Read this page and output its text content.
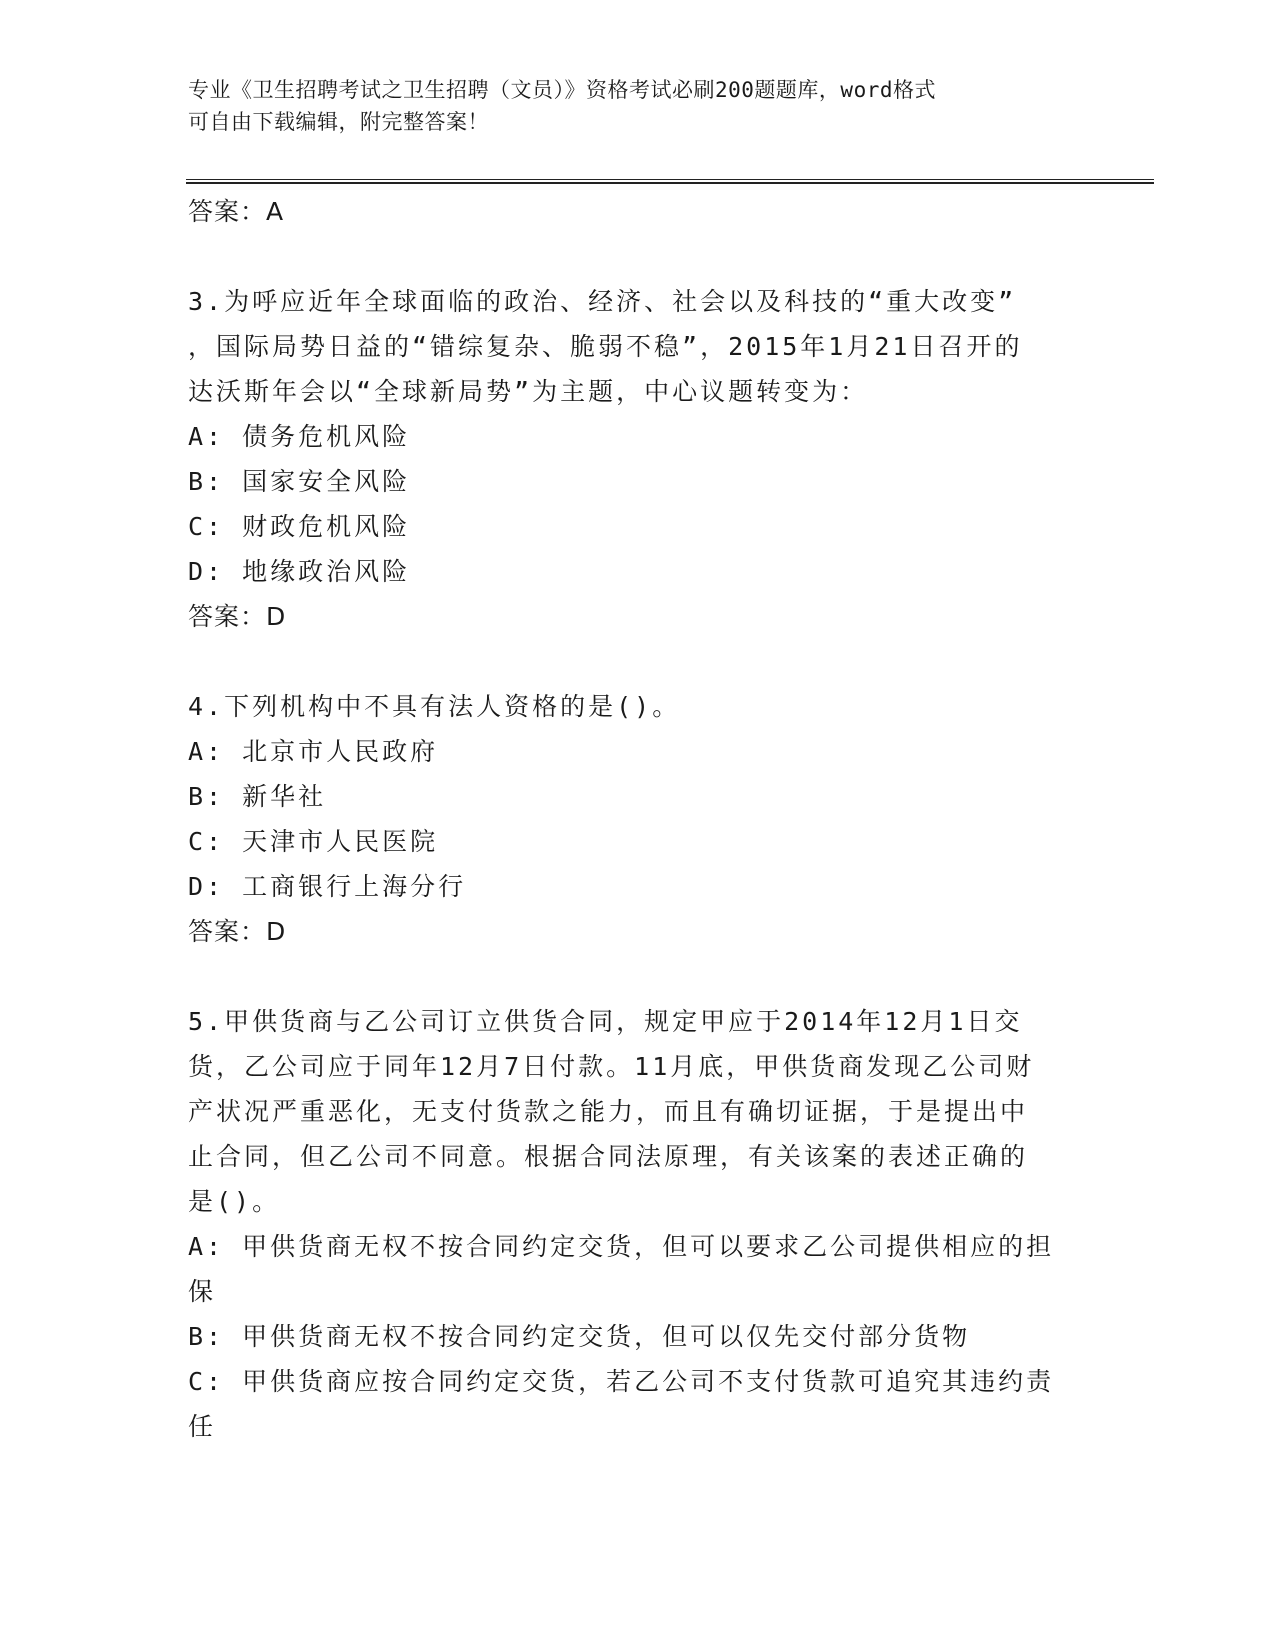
专业《卫生招聘考试之卫生招聘（文员）》资格考试必刷200题题库，word格式
可自由下载编辑，附完整答案！
答案：A
3.为呼应近年全球面临的政治、经济、社会以及科技的“重大改变”
，国际局势日益的“错综复杂、脆弱不稳”，2015年1月21日召开的
达沃斯年会以“全球新局势”为主题，中心议题转变为：
A: 债务危机风险
B: 国家安全风险
C: 财政危机风险
D: 地缘政治风险
答案：D
4.下列机构中不具有法人资格的是()。
A: 北京市人民政府
B: 新华社
C: 天津市人民医院
D: 工商银行上海分行
答案：D
5.甲供货商与乙公司订立供货合同，规定甲应于2014年12月1日交
货，乙公司应于同年12月7日付款。11月底，甲供货商发现乙公司财
产状况严重恶化，无支付货款之能力，而且有确切证据，于是提出中
止合同，但乙公司不同意。根据合同法原理，有关该案的表述正确的
是()。
A: 甲供货商无权不按合同约定交货，但可以要求乙公司提供相应的担
保
B: 甲供货商无权不按合同约定交货，但可以仅先交付部分货物
C: 甲供货商应按合同约定交货，若乙公司不支付货款可追究其违约责
任
